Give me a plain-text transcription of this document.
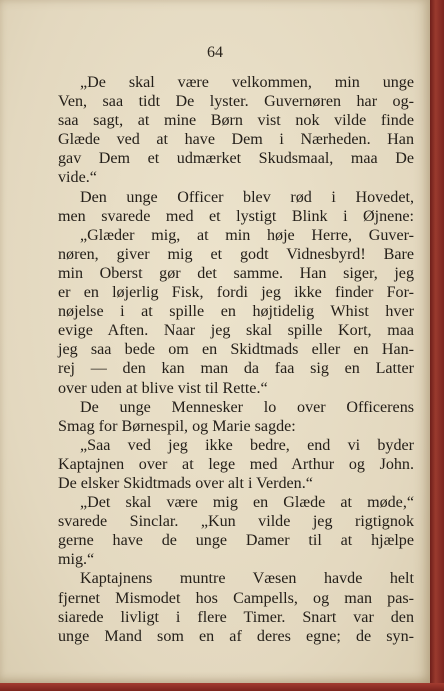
64
„De skal være velkommen, min unge
Ven, saa tidt De lyster. Guvernøren har og-
saa sagt, at mine Børn vist nok vilde finde
Glæde ved at have Dem i Nærheden. Han
gav Dem et udmærket Skudsmaal, maa De
vide.“
Den unge Officer blev rød i Hovedet,
men svarede med et lystigt Blink i Øjnene:
„Glæder mig, at min høje Herre, Guver-
nøren, giver mig et godt Vidnesbyrd! Bare
min Oberst gør det samme. Han siger, jeg
er en løjerlig Fisk, fordi jeg ikke finder For-
nøjelse i at spille en højtidelig Whist hver
evige Aften. Naar jeg skal spille Kort, maa
jeg saa bede om en Skidtmads eller en Han-
rej — den kan man da faa sig en Latter
over uden at blive vist til Rette.“
De unge Mennesker lo over Officerens
Smag for Børnespil, og Marie sagde:
„Saa ved jeg ikke bedre, end vi byder
Kaptajnen over at lege med Arthur og John.
De elsker Skidtmads over alt i Verden.“
„Det skal være mig en Glæde at møde,“
svarede Sinclar. „Kun vilde jeg rigtignok
gerne have de unge Damer til at hjælpe
mig.“
Kaptajnens muntre Væsen havde helt
fjernet Mismodet hos Campells, og man pas-
siarede livligt i flere Timer. Snart var den
unge Mand som en af deres egne; de syn-
